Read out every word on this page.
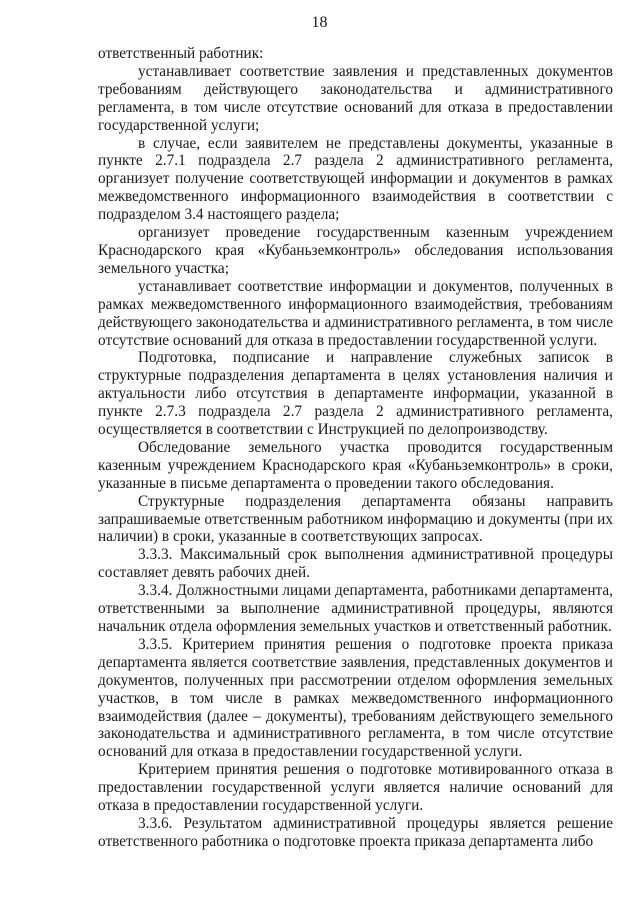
18

ответственный работник:

устанавливает соответствие заявления и представленных документов требованиям действующего законодательства и административного регламента, в том числе отсутствие оснований для отказа в предоставлении государственной услуги;

в случае, если заявителем не представлены документы, указанные в пункте 2.7.1 подраздела 2.7 раздела 2 административного регламента, организует получение соответствующей информации и документов в рамках межведомственного информационного взаимодействия в соответствии с подразделом 3.4 настоящего раздела;

организует проведение государственным казенным учреждением Краснодарского края «Кубаньземконтроль» обследования использования земельного участка;

устанавливает соответствие информации и документов, полученных в рамках межведомственного информационного взаимодействия, требованиям действующего законодательства и административного регламента, в том числе отсутствие оснований для отказа в предоставлении государственной услуги.

Подготовка, подписание и направление служебных записок в структурные подразделения департамента в целях установления наличия и актуальности либо отсутствия в департаменте информации, указанной в пункте 2.7.3 подраздела 2.7 раздела 2 административного регламента, осуществляется в соответствии с Инструкцией по делопроизводству.

Обследование земельного участка проводится государственным казенным учреждением Краснодарского края «Кубаньземконтроль» в сроки, указанные в письме департамента о проведении такого обследования.

Структурные подразделения департамента обязаны направить запрашиваемые ответственным работником информацию и документы (при их наличии) в сроки, указанные в соответствующих запросах.

3.3.3. Максимальный срок выполнения административной процедуры составляет девять рабочих дней.

3.3.4. Должностными лицами департамента, работниками департамента, ответственными за выполнение административной процедуры, являются начальник отдела оформления земельных участков и ответственный работник.

3.3.5. Критерием принятия решения о подготовке проекта приказа департамента является соответствие заявления, представленных документов и документов, полученных при рассмотрении отделом оформления земельных участков, в том числе в рамках межведомственного информационного взаимодействия (далее – документы), требованиям действующего земельного законодательства и административного регламента, в том числе отсутствие оснований для отказа в предоставлении государственной услуги.

Критерием принятия решения о подготовке мотивированного отказа в предоставлении государственной услуги является наличие оснований для отказа в предоставлении государственной услуги.

3.3.6. Результатом административной процедуры является решение ответственного работника о подготовке проекта приказа департамента либо
